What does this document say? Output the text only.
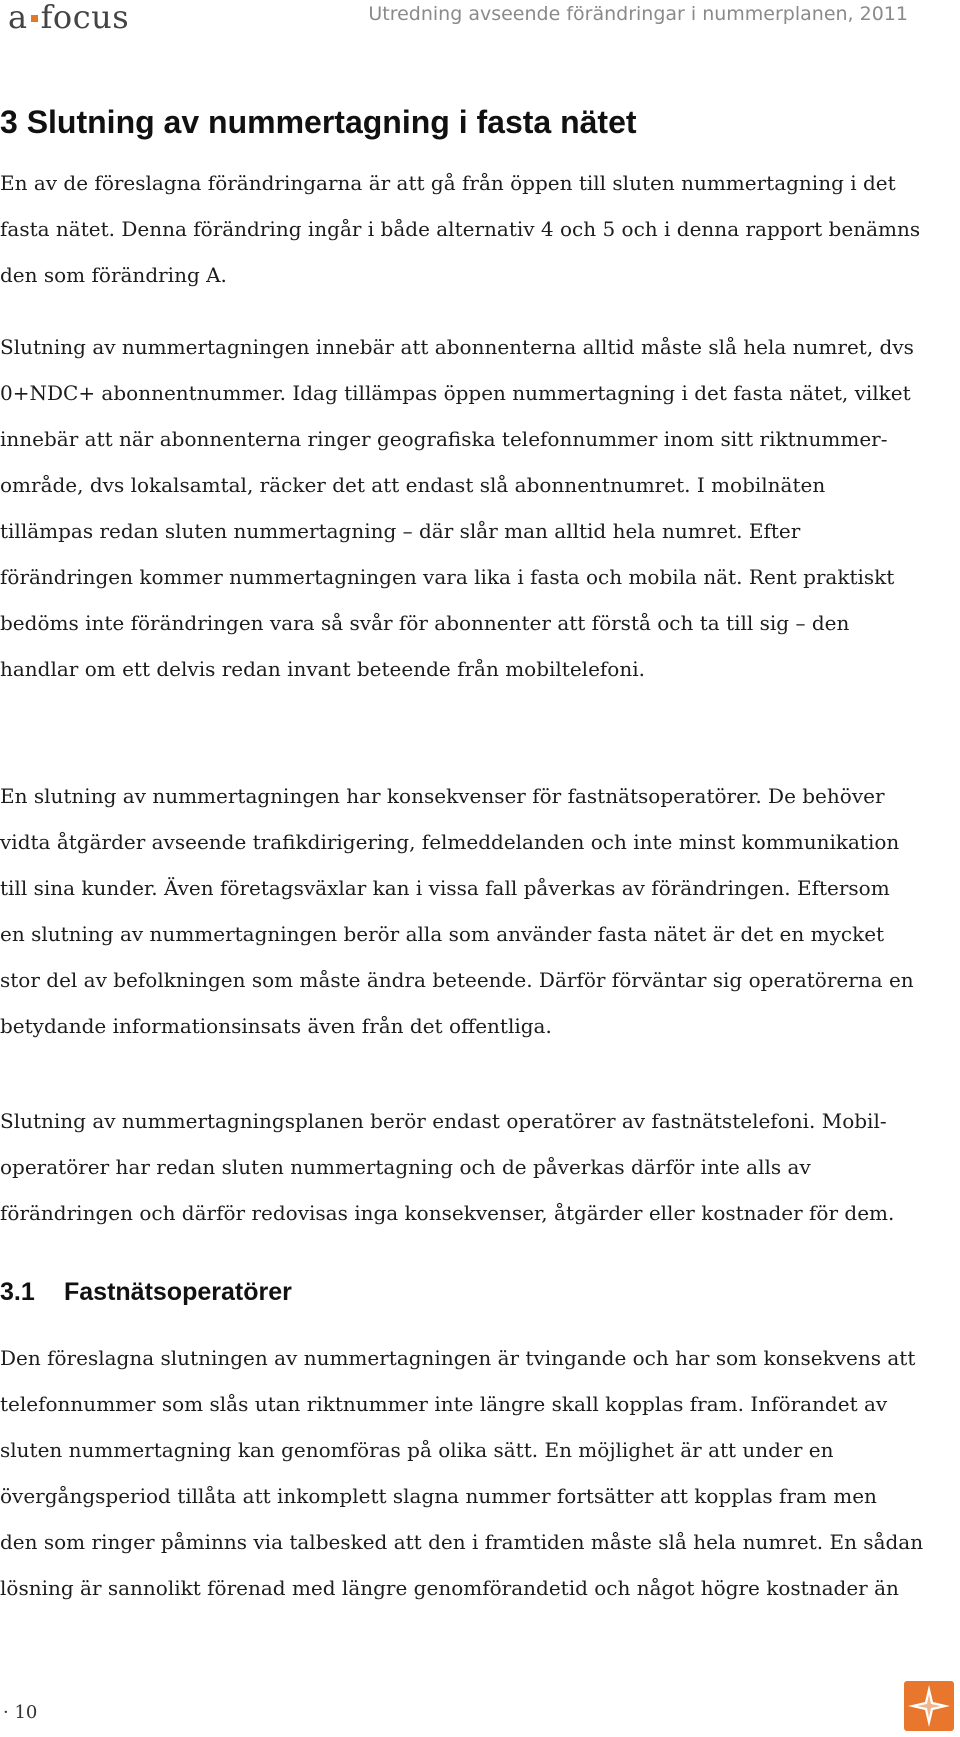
a focus	Utredning avseende förändringar i nummerplanen, 2011
3 Slutning av nummertagning i fasta nätet

En av de föreslagna förändringarna är att gå från öppen till sluten nummertagning i det
fasta nätet. Denna förändring ingår i både alternativ 4 och 5 och i denna rapport benämns
den som förändring A.

Slutning av nummertagningen innebär att abonnenterna alltid måste slå hela numret, dvs
0+NDC+ abonnentnummer. Idag tillämpas öppen nummertagning i det fasta nätet, vilket
innebär att när abonnenterna ringer geografiska telefonnummer inom sitt riktnummer-
område, dvs lokalsamtal, räcker det att endast slå abonnentnumret. I mobilnäten
tillämpas redan sluten nummertagning – där slår man alltid hela numret. Efter
förändringen kommer nummertagningen vara lika i fasta och mobila nät. Rent praktiskt
bedöms inte förändringen vara så svår för abonnenter att förstå och ta till sig – den
handlar om ett delvis redan invant beteende från mobiltelefoni.

En slutning av nummertagningen har konsekvenser för fastnätsoperatörer. De behöver
vidta åtgärder avseende trafikdirigering, felmeddelanden och inte minst kommunikation
till sina kunder. Även företagsväxlar kan i vissa fall påverkas av förändringen. Eftersom
en slutning av nummertagningen berör alla som använder fasta nätet är det en mycket
stor del av befolkningen som måste ändra beteende. Därför förväntar sig operatörerna en
betydande informationsinsats även från det offentliga.

Slutning av nummertagningsplanen berör endast operatörer av fastnätstelefoni. Mobil-
operatörer har redan sluten nummertagning och de påverkas därför inte alls av
förändringen och därför redovisas inga konsekvenser, åtgärder eller kostnader för dem.

3.1 Fastnätsoperatörer

Den föreslagna slutningen av nummertagningen är tvingande och har som konsekvens att
telefonnummer som slås utan riktnummer inte längre skall kopplas fram. Införandet av
sluten nummertagning kan genomföras på olika sätt. En möjlighet är att under en
övergångsperiod tillåta att inkomplett slagna nummer fortsätter att kopplas fram men
den som ringer påminns via talbesked att den i framtiden måste slå hela numret. En sådan
lösning är sannolikt förenad med längre genomförandetid och något högre kostnader än

· 10
